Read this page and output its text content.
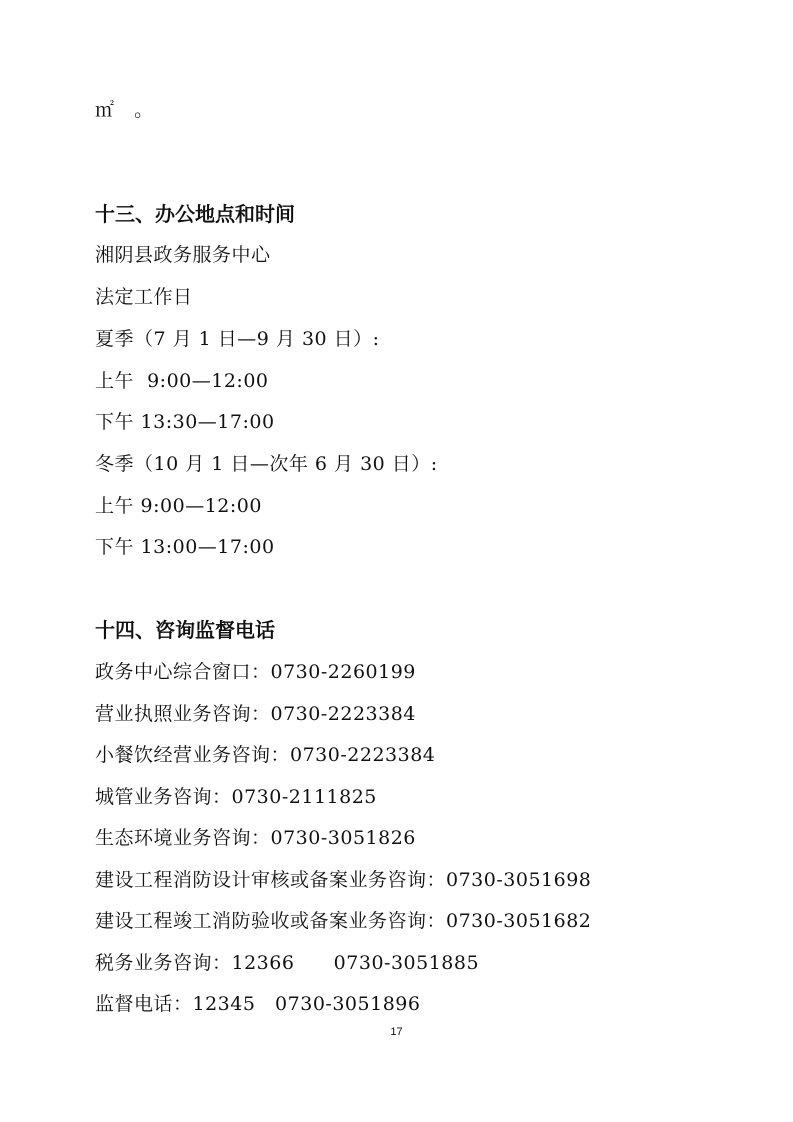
㎡   。
十三、办公地点和时间
湘阴县政务服务中心
法定工作日
夏季（7 月 1 日—9 月 30 日）:
上午  9:00—12:00
下午 13:30—17:00
冬季（10 月 1 日—次年 6 月 30 日）:
上午 9:00—12:00
下午 13:00—17:00
十四、咨询监督电话
政务中心综合窗口：0730-2260199
营业执照业务咨询：0730-2223384
小餐饮经营业务咨询：0730-2223384
城管业务咨询：0730-2111825
生态环境业务咨询：0730-3051826
建设工程消防设计审核或备案业务咨询：0730-3051698
建设工程竣工消防验收或备案业务咨询：0730-3051682
税务业务咨询：12366      0730-3051885
监督电话：12345   0730-3051896
17
